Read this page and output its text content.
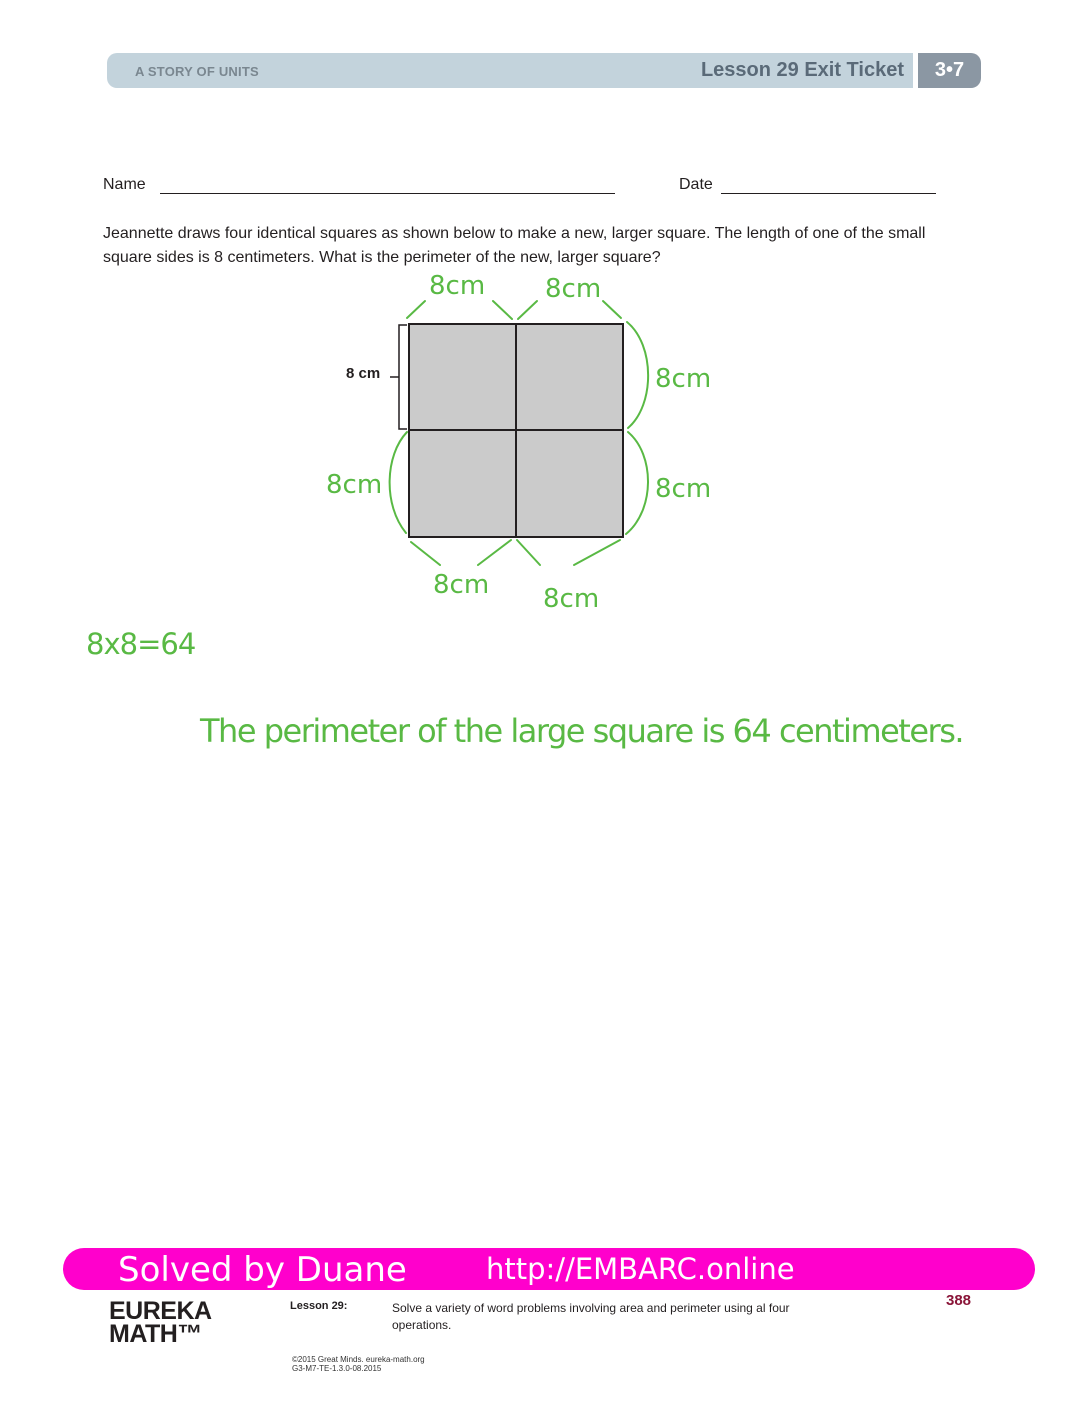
A STORY OF UNITS	Lesson 29 Exit Ticket	3•7
Name	Date
Jeannette draws four identical squares as shown below to make a new, larger square. The length of one of the small square sides is 8 centimeters. What is the perimeter of the new, larger square?
8cm 8cm
8cm
8cm
8cm
8cm 8cm
8 cm
8x8=64
The perimeter of the large square is 64 centimeters.
Solved by Duane	http://EMBARC.online
EUREKA
MATH™
Lesson 29:	Solve a variety of word problems involving area and perimeter using al four operations.
388
©2015 Great Minds. eureka-math.org
G3-M7-TE-1.3.0-08.2015
